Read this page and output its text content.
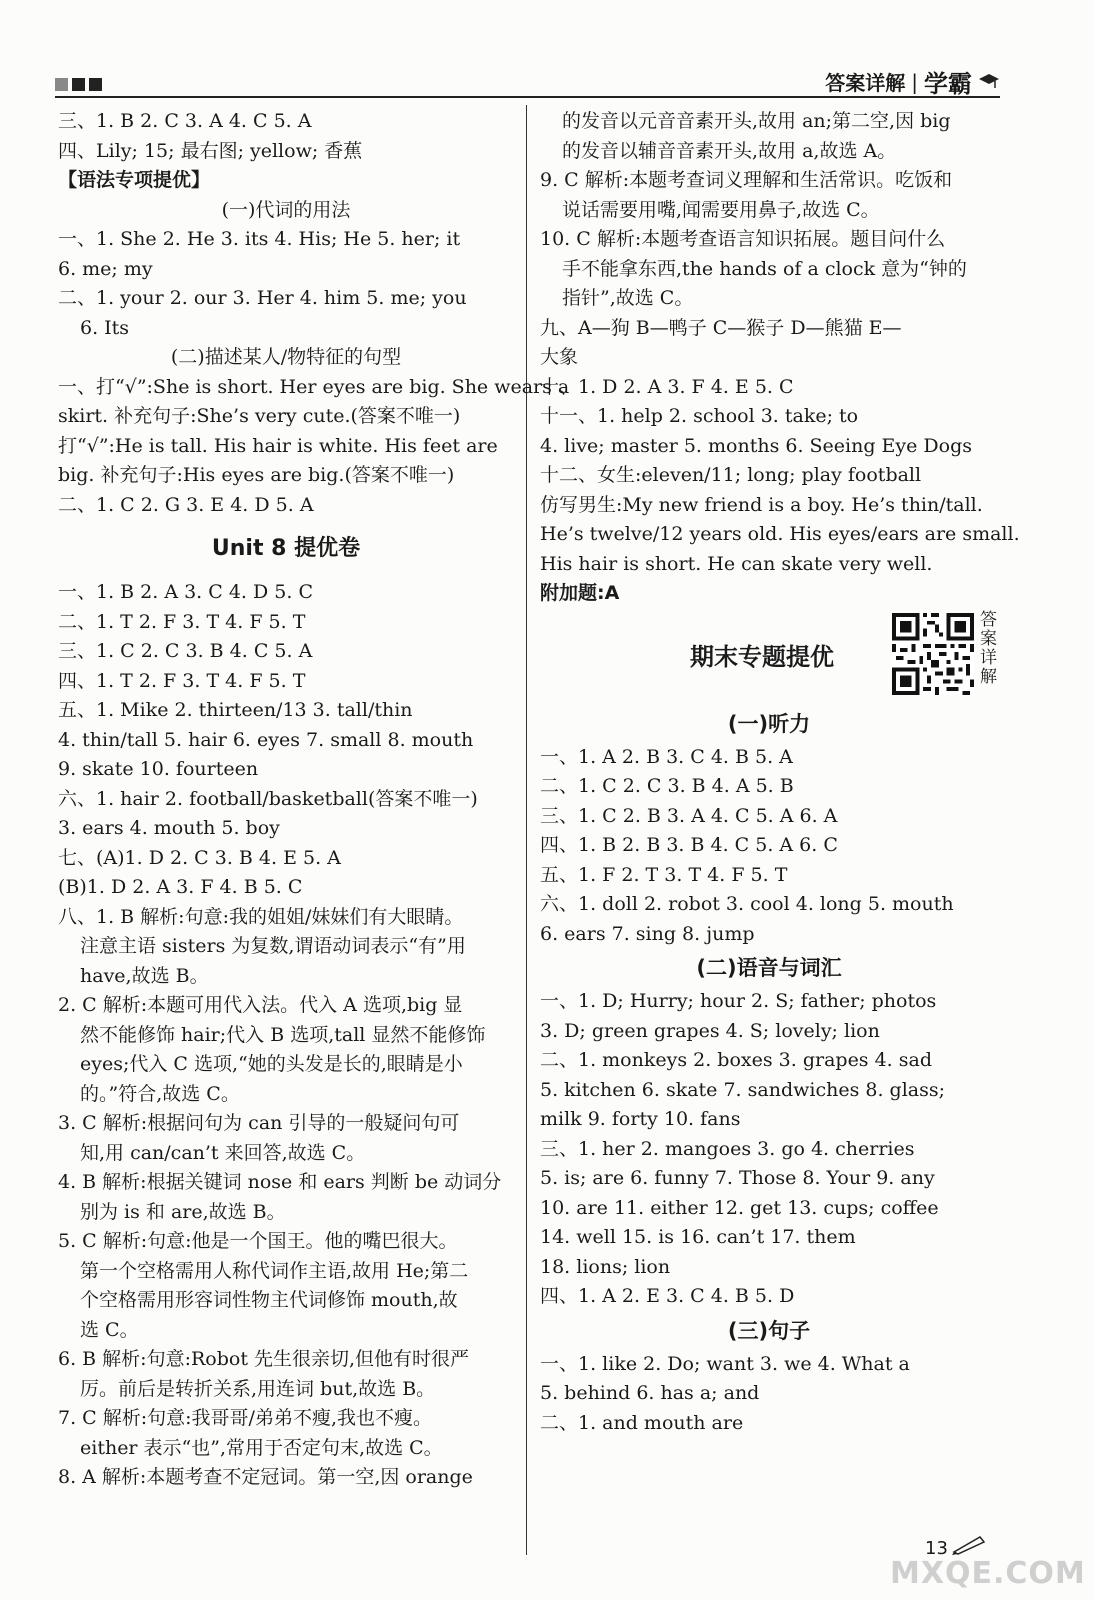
答案详解 | 学霸
三、1. B 2. C 3. A 4. C 5. A
四、Lily; 15; 最右图; yellow; 香蕉
【语法专项提优】
(一)代词的用法
一、1. She 2. He 3. its 4. His; He 5. her; it
6. me; my
二、1. your 2. our 3. Her 4. him 5. me; you
6. Its
(二)描述某人/物特征的句型
一、打“√”:She is short. Her eyes are big. She wears a
skirt. 补充句子:She’s very cute.(答案不唯一)
打“√”:He is tall. His hair is white. His feet are
big. 补充句子:His eyes are big.(答案不唯一)
二、1. C 2. G 3. E 4. D 5. A
Unit 8 提优卷
一、1. B 2. A 3. C 4. D 5. C
二、1. T 2. F 3. T 4. F 5. T
三、1. C 2. C 3. B 4. C 5. A
四、1. T 2. F 3. T 4. F 5. T
五、1. Mike 2. thirteen/13 3. tall/thin
4. thin/tall 5. hair 6. eyes 7. small 8. mouth
9. skate 10. fourteen
六、1. hair 2. football/basketball(答案不唯一)
3. ears 4. mouth 5. boy
七、(A)1. D 2. C 3. B 4. E 5. A
(B)1. D 2. A 3. F 4. B 5. C
八、1. B 解析:句意:我的姐姐/妹妹们有大眼睛。
注意主语 sisters 为复数,谓语动词表示“有”用
have,故选 B。
2. C 解析:本题可用代入法。代入 A 选项,big 显
然不能修饰 hair;代入 B 选项,tall 显然不能修饰
eyes;代入 C 选项,“她的头发是长的,眼睛是小
的。”符合,故选 C。
3. C 解析:根据问句为 can 引导的一般疑问句可
知,用 can/can’t 来回答,故选 C。
4. B 解析:根据关键词 nose 和 ears 判断 be 动词分
别为 is 和 are,故选 B。
5. C 解析:句意:他是一个国王。他的嘴巴很大。
第一个空格需用人称代词作主语,故用 He;第二
个空格需用形容词性物主代词修饰 mouth,故
选 C。
6. B 解析:句意:Robot 先生很亲切,但他有时很严
厉。前后是转折关系,用连词 but,故选 B。
7. C 解析:句意:我哥哥/弟弟不瘦,我也不瘦。
either 表示“也”,常用于否定句末,故选 C。
8. A 解析:本题考查不定冠词。第一空,因 orange
的发音以元音音素开头,故用 an;第二空,因 big
的发音以辅音音素开头,故用 a,故选 A。
9. C 解析:本题考查词义理解和生活常识。吃饭和
说话需要用嘴,闻需要用鼻子,故选 C。
10. C 解析:本题考查语言知识拓展。题目问什么
手不能拿东西,the hands of a clock 意为“钟的
指针”,故选 C。
九、A—狗 B—鸭子 C—猴子 D—熊猫 E—
大象
十、1. D 2. A 3. F 4. E 5. C
十一、1. help 2. school 3. take; to
4. live; master 5. months 6. Seeing Eye Dogs
十二、女生:eleven/11; long; play football
仿写男生:My new friend is a boy. He’s thin/tall.
He’s twelve/12 years old. His eyes/ears are small.
His hair is short. He can skate very well.
附加题:A
期末专题提优
答案详解
(一)听力
一、1. A 2. B 3. C 4. B 5. A
二、1. C 2. C 3. B 4. A 5. B
三、1. C 2. B 3. A 4. C 5. A 6. A
四、1. B 2. B 3. B 4. C 5. A 6. C
五、1. F 2. T 3. T 4. F 5. T
六、1. doll 2. robot 3. cool 4. long 5. mouth
6. ears 7. sing 8. jump
(二)语音与词汇
一、1. D; Hurry; hour 2. S; father; photos
3. D; green grapes 4. S; lovely; lion
二、1. monkeys 2. boxes 3. grapes 4. sad
5. kitchen 6. skate 7. sandwiches 8. glass;
milk 9. forty 10. fans
三、1. her 2. mangoes 3. go 4. cherries
5. is; are 6. funny 7. Those 8. Your 9. any
10. are 11. either 12. get 13. cups; coffee
14. well 15. is 16. can’t 17. them
18. lions; lion
四、1. A 2. E 3. C 4. B 5. D
(三)句子
一、1. like 2. Do; want 3. we 4. What a
5. behind 6. has a; and
二、1. and mouth are
13
MXQE.COM
